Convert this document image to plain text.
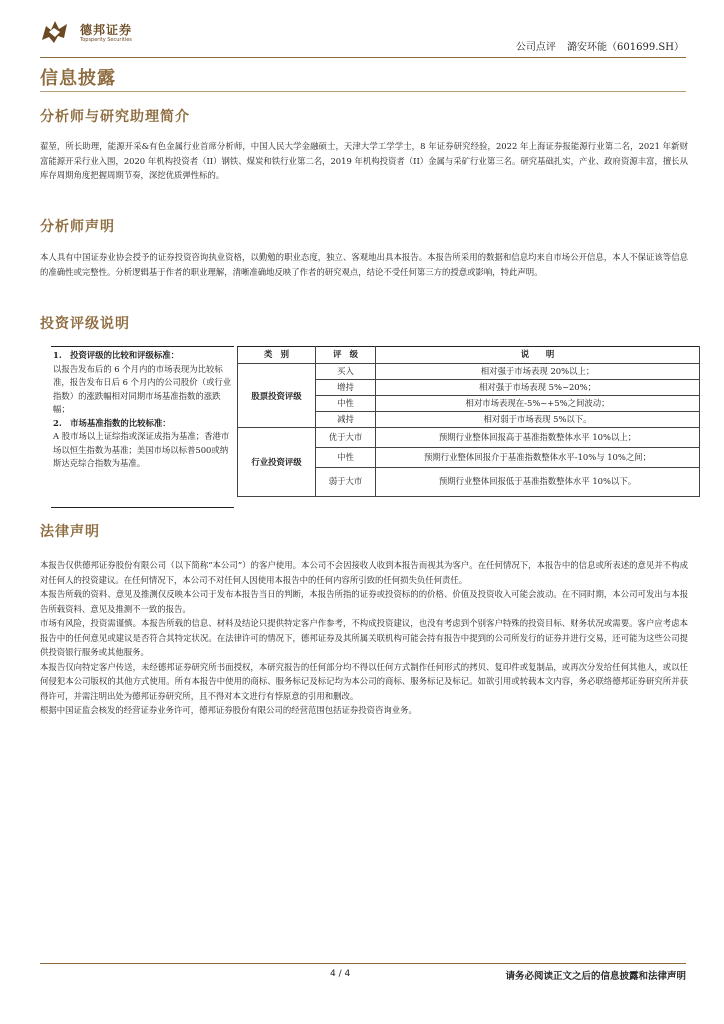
德邦证券
Topsperity Securities
公司点评 潞安环能（601699.SH）
信息披露
分析师与研究助理简介
翟堃，所长助理，能源开采&有色金属行业首席分析师，中国人民大学金融硕士，天津大学工学学士，8 年证券研究经验，2022 年上海证券报能源行业第二名，2021 年新财富能源开采行业入围，2020 年机构投资者（II）钢铁、煤炭和铁行业第二名，2019 年机构投资者（II）金属与采矿行业第三名。研究基础扎实，产业、政府资源丰富，擅长从库存周期角度把握周期节奏，深挖优质弹性标的。
分析师声明
本人具有中国证券业协会授予的证券投资咨询执业资格，以勤勉的职业态度，独立、客观地出具本报告。本报告所采用的数据和信息均来自市场公开信息，本人不保证该等信息的准确性或完整性。分析逻辑基于作者的职业理解，清晰准确地反映了作者的研究观点，结论不受任何第三方的授意或影响，特此声明。
投资评级说明
1.　投资评级的比较和评级标准：
以报告发布后的 6 个月内的市场表现为比较标准，报告发布日后 6 个月内的公司股价（或行业指数）的涨跌幅相对同期市场基准指数的涨跌幅；
2.　市场基准指数的比较标准：
A 股市场以上证综指或深证成指为基准；香港市场以恒生指数为基准；美国市场以标普500或纳斯达克综合指数为基准。
类　别	评　级	说　　明
股票投资评级	买入	相对强于市场表现 20%以上；
	增持	相对强于市场表现 5%~20%；
	中性	相对市场表现在-5%~+5%之间波动；
	减持	相对弱于市场表现 5%以下。
行业投资评级	优于大市	预期行业整体回报高于基准指数整体水平 10%以上；
	中性	预期行业整体回报介于基准指数整体水平-10%与 10%之间；
	弱于大市	预期行业整体回报低于基准指数整体水平 10%以下。
法律声明

本报告仅供德邦证券股份有限公司（以下简称“本公司”）的客户使用。本公司不会因接收人收到本报告而视其为客户。在任何情况下，本报告中的信息或所表述的意见并不构成对任何人的投资建议。在任何情况下，本公司不对任何人因使用本报告中的任何内容所引致的任何损失负任何责任。

本报告所载的资料、意见及推测仅反映本公司于发布本报告当日的判断，本报告所指的证券或投资标的的价格、价值及投资收入可能会波动。在不同时期，本公司可发出与本报告所载资料、意见及推测不一致的报告。

市场有风险，投资需谨慎。本报告所载的信息、材料及结论只提供特定客户作参考，不构成投资建议，也没有考虑到个别客户特殊的投资目标、财务状况或需要。客户应考虑本报告中的任何意见或建议是否符合其特定状况。在法律许可的情况下，德邦证券及其所属关联机构可能会持有报告中提到的公司所发行的证券并进行交易，还可能为这些公司提供投资银行服务或其他服务。

本报告仅向特定客户传送，未经德邦证券研究所书面授权，本研究报告的任何部分均不得以任何方式制作任何形式的拷贝、复印件或复制品，或再次分发给任何其他人，或以任何侵犯本公司版权的其他方式使用。所有本报告中使用的商标、服务标记及标记均为本公司的商标、服务标记及标记。如欲引用或转载本文内容，务必联络德邦证券研究所并获得许可，并需注明出处为德邦证券研究所，且不得对本文进行有悖原意的引用和删改。

根据中国证监会核发的经营证券业务许可，德邦证券股份有限公司的经营范围包括证券投资咨询业务。

4 / 4	请务必阅读正文之后的信息披露和法律声明
